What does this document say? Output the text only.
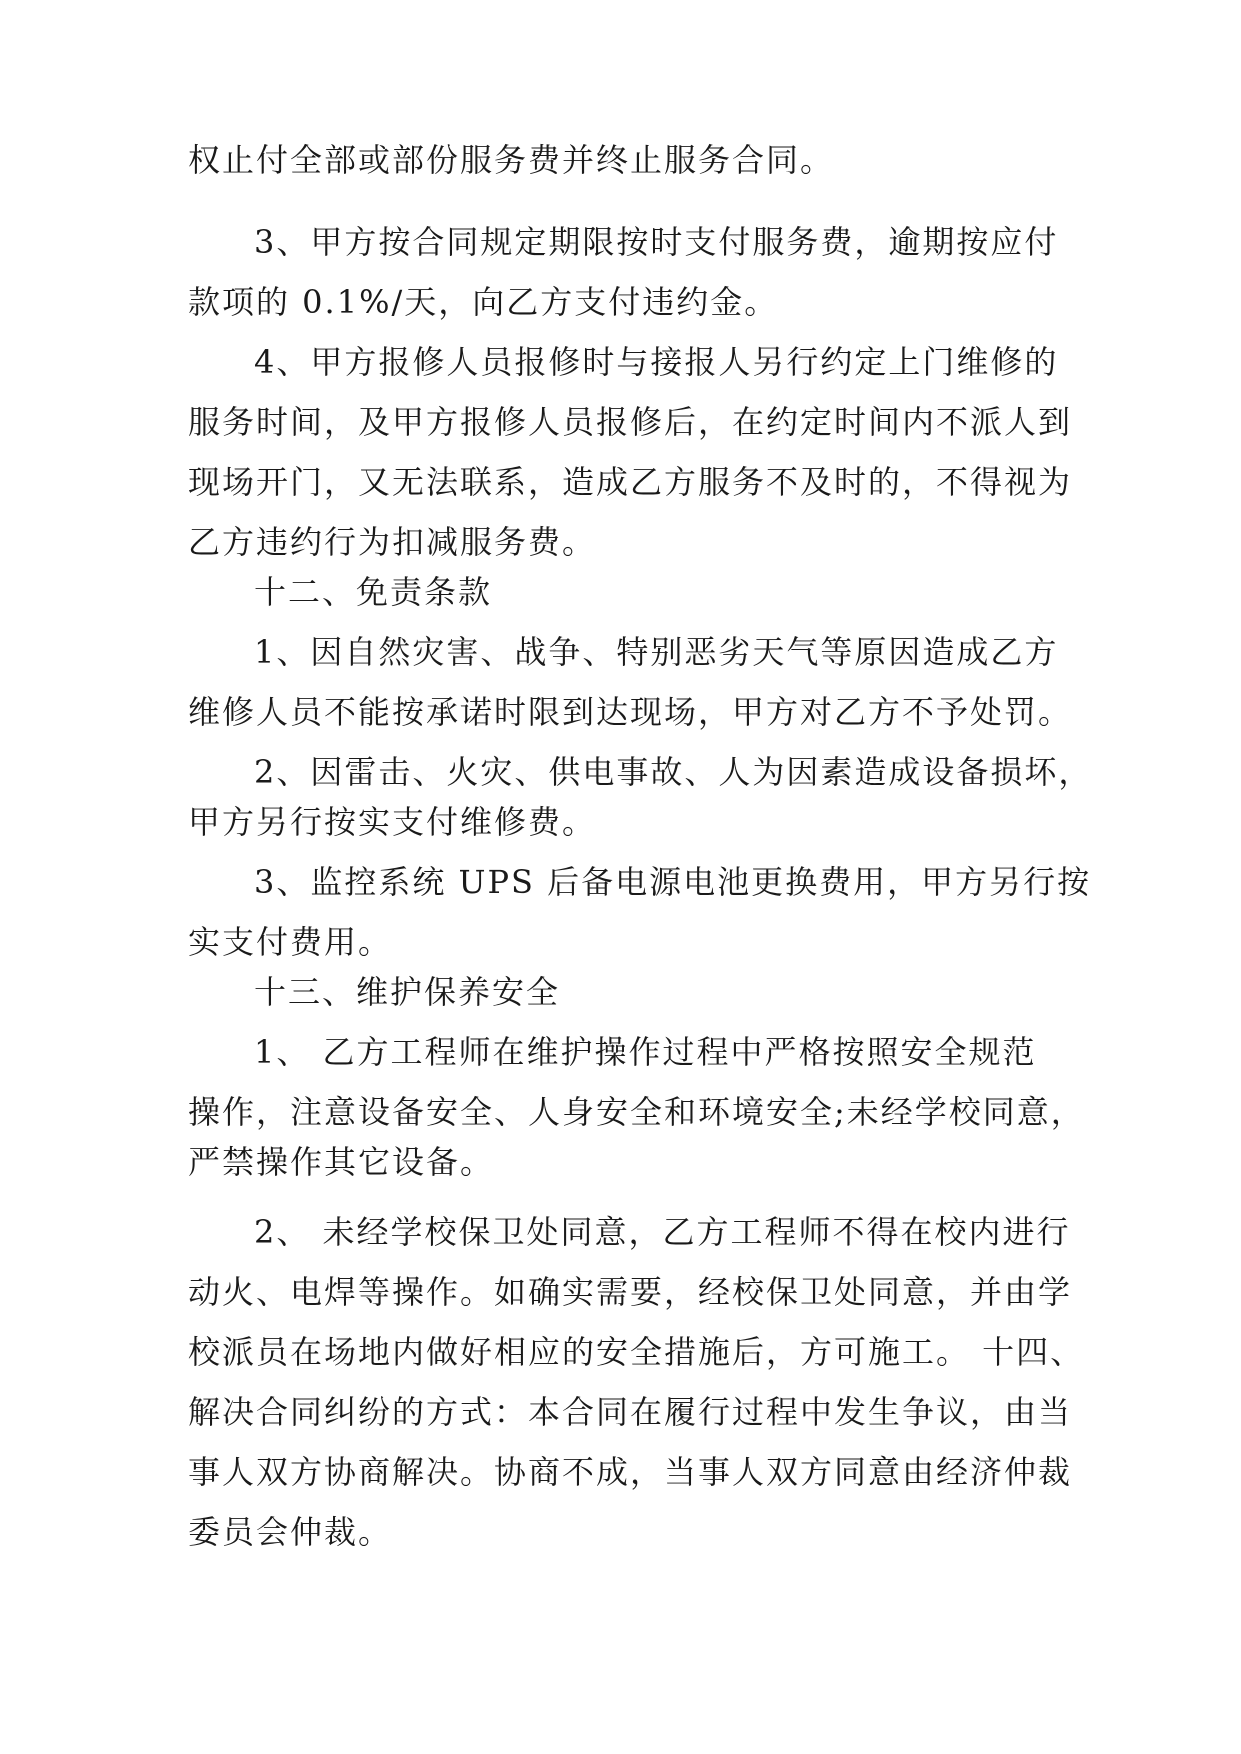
权止付全部或部份服务费并终止服务合同。
3、甲方按合同规定期限按时支付服务费，逾期按应付
款项的 0.1%/天，向乙方支付违约金。
4、甲方报修人员报修时与接报人另行约定上门维修的
服务时间，及甲方报修人员报修后，在约定时间内不派人到
现场开门，又无法联系，造成乙方服务不及时的，不得视为
乙方违约行为扣减服务费。
十二、免责条款
1、因自然灾害、战争、特别恶劣天气等原因造成乙方
维修人员不能按承诺时限到达现场，甲方对乙方不予处罚。
2、因雷击、火灾、供电事故、人为因素造成设备损坏，
甲方另行按实支付维修费。
3、监控系统 UPS 后备电源电池更换费用，甲方另行按
实支付费用。
十三、维护保养安全
1、 乙方工程师在维护操作过程中严格按照安全规范
操作，注意设备安全、人身安全和环境安全;未经学校同意，
严禁操作其它设备。
2、 未经学校保卫处同意，乙方工程师不得在校内进行
动火、电焊等操作。如确实需要，经校保卫处同意，并由学
校派员在场地内做好相应的安全措施后，方可施工。 十四、
解决合同纠纷的方式：本合同在履行过程中发生争议，由当
事人双方协商解决。协商不成，当事人双方同意由经济仲裁
委员会仲裁。
